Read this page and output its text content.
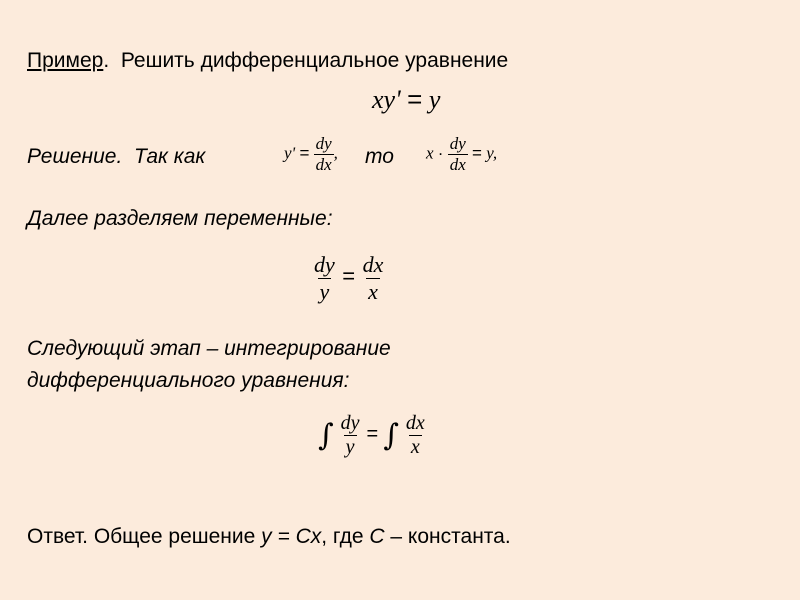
Пример. Решить дифференциальное уравнение
xy' = y
Решение. Так как	$y' = \frac{dy}{dx}$ , то $x \cdot \frac{dy}{dx} = y$,
Далее разделяем переменные:
$\frac{dy}{y} = \frac{dx}{x}$
Следующий этап – интегрирование
дифференциального уравнения:
∫ $\frac{dy}{y}$ = ∫ $\frac{dx}{x}$
Ответ. Общее решение y = Cx, где C – константа.
